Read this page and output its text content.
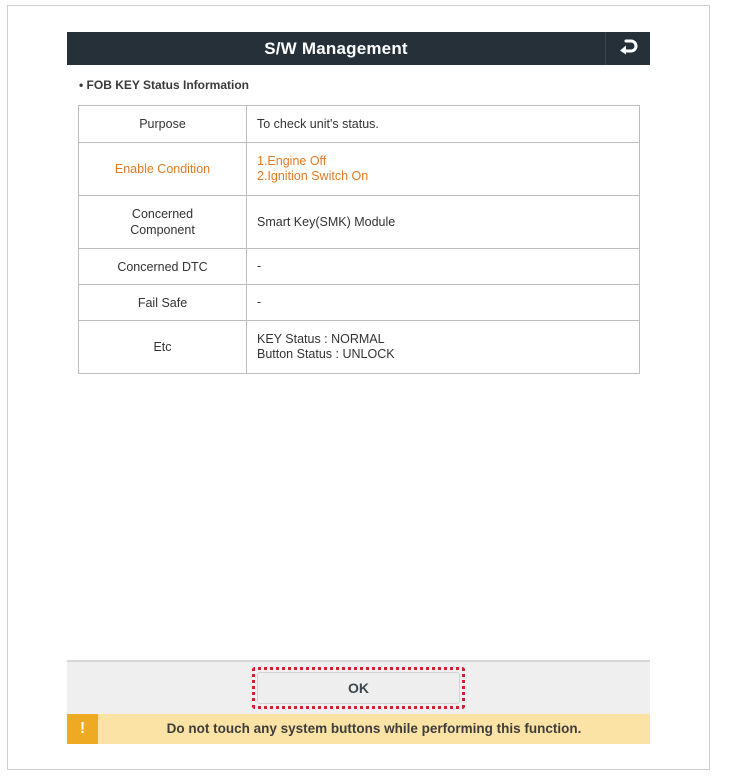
S/W Management
• FOB KEY Status Information
Purpose	To check unit's status.

Enable Condition	1.Engine Off
2.Ignition Switch On

Concerned
Component	Smart Key(SMK) Module

Concerned DTC	-

Fail Safe	-

Etc	KEY Status : NORMAL
Button Status : UNLOCK
OK
!	Do not touch any system buttons while performing this function.
